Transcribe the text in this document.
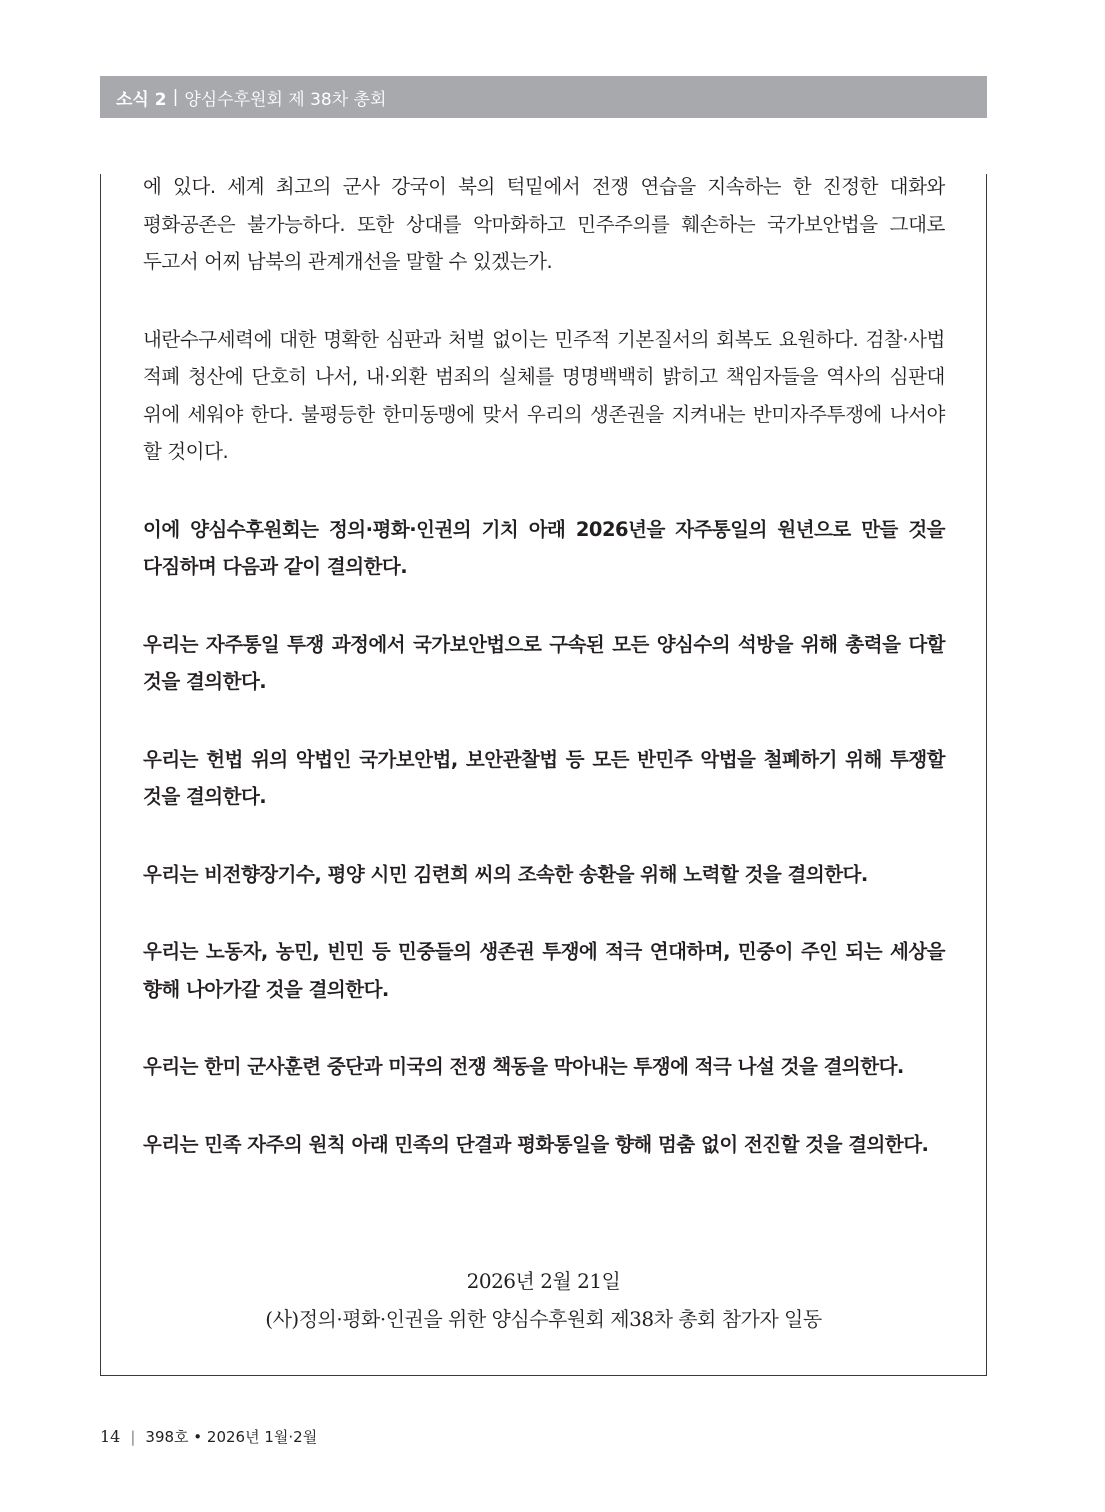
소식 2 | 양심수후원회 제 38차 총회

에 있다. 세계 최고의 군사 강국이 북의 턱밑에서 전쟁 연습을 지속하는 한 진정한 대화와 평화공존은 불가능하다. 또한 상대를 악마화하고 민주주의를 훼손하는 국가보안법을 그대로 두고서 어찌 남북의 관계개선을 말할 수 있겠는가.

내란수구세력에 대한 명확한 심판과 처벌 없이는 민주적 기본질서의 회복도 요원하다. 검찰·사법 적폐 청산에 단호히 나서, 내·외환 범죄의 실체를 명명백백히 밝히고 책임자들을 역사의 심판대 위에 세워야 한다. 불평등한 한미동맹에 맞서 우리의 생존권을 지켜내는 반미자주투쟁에 나서야 할 것이다.

이에 양심수후원회는 정의·평화·인권의 기치 아래 2026년을 자주통일의 원년으로 만들 것을 다짐하며 다음과 같이 결의한다.

우리는 자주통일 투쟁 과정에서 국가보안법으로 구속된 모든 양심수의 석방을 위해 총력을 다할 것을 결의한다.

우리는 헌법 위의 악법인 국가보안법, 보안관찰법 등 모든 반민주 악법을 철폐하기 위해 투쟁할 것을 결의한다.

우리는 비전향장기수, 평양 시민 김련희 씨의 조속한 송환을 위해 노력할 것을 결의한다.

우리는 노동자, 농민, 빈민 등 민중들의 생존권 투쟁에 적극 연대하며, 민중이 주인 되는 세상을 향해 나아가갈 것을 결의한다.

우리는 한미 군사훈련 중단과 미국의 전쟁 책동을 막아내는 투쟁에 적극 나설 것을 결의한다.

우리는 민족 자주의 원칙 아래 민족의 단결과 평화통일을 향해 멈춤 없이 전진할 것을 결의한다.

2026년 2월 21일
(사)정의·평화·인권을 위한 양심수후원회 제38차 총회 참가자 일동
14 | 398호 • 2026년 1월·2월
